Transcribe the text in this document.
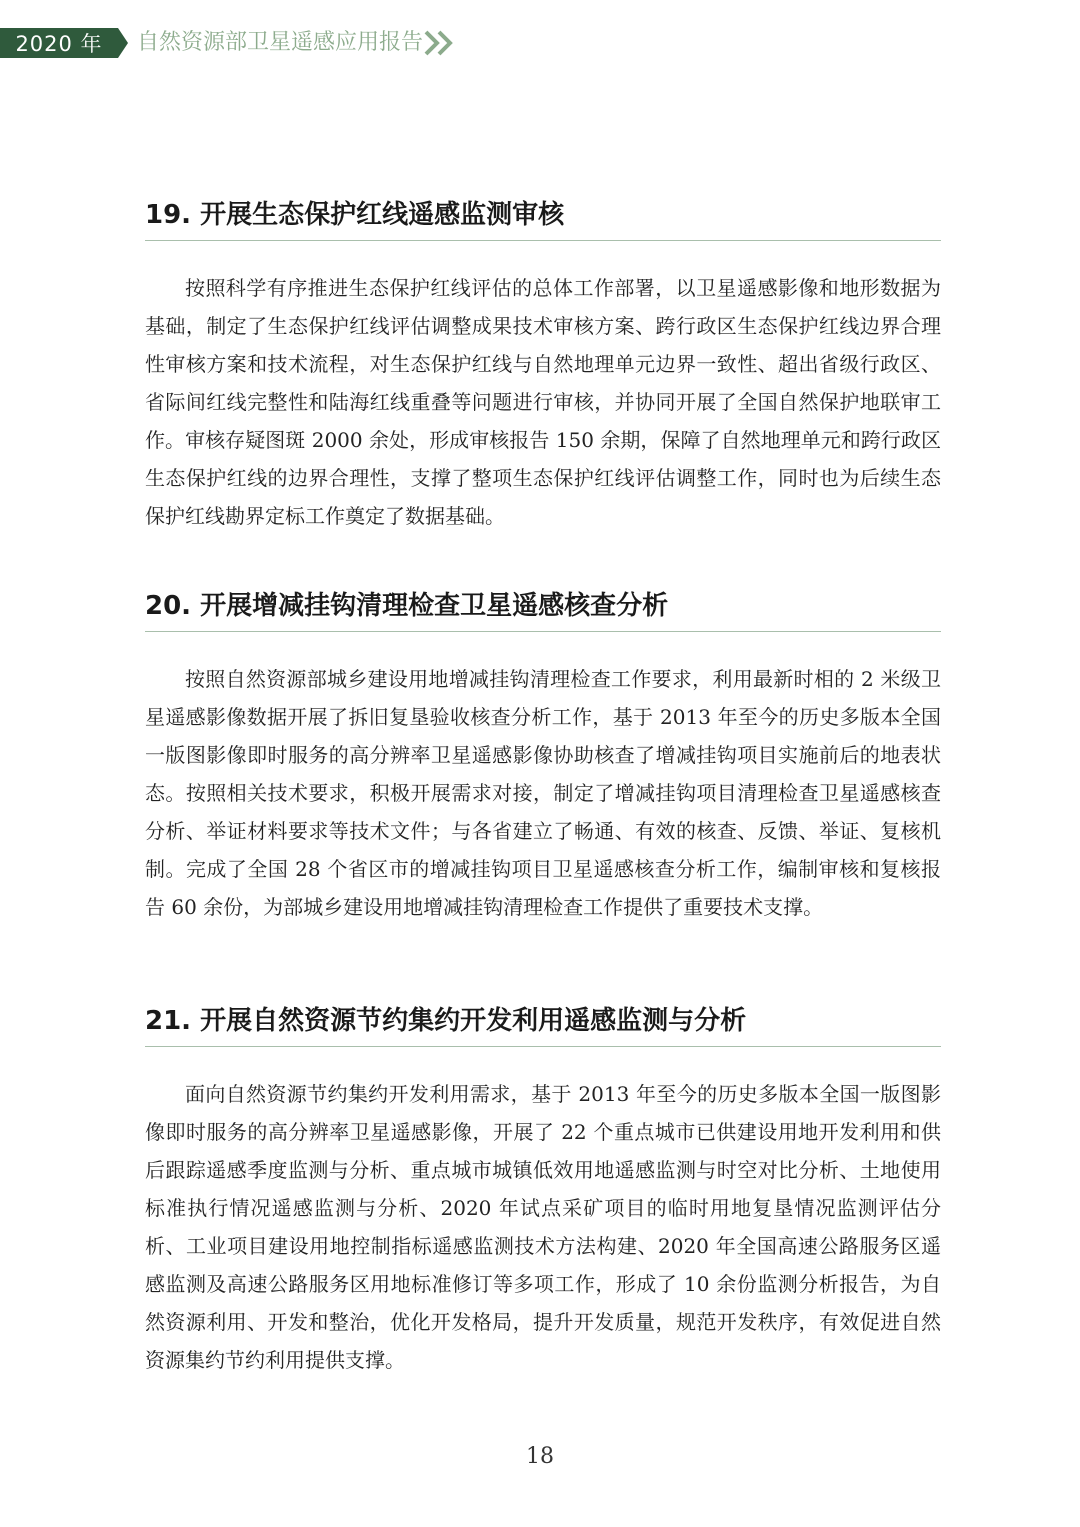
2020 年 自然资源部卫星遥感应用报告
19. 开展生态保护红线遥感监测审核

按照科学有序推进生态保护红线评估的总体工作部署，以卫星遥感影像和地形数据为基础，制定了生态保护红线评估调整成果技术审核方案、跨行政区生态保护红线边界合理性审核方案和技术流程，对生态保护红线与自然地理单元边界一致性、超出省级行政区、省际间红线完整性和陆海红线重叠等问题进行审核，并协同开展了全国自然保护地联审工作。审核存疑图斑 2000 余处，形成审核报告 150 余期，保障了自然地理单元和跨行政区生态保护红线的边界合理性，支撑了整项生态保护红线评估调整工作，同时也为后续生态保护红线勘界定标工作奠定了数据基础。

20. 开展增减挂钩清理检查卫星遥感核查分析

按照自然资源部城乡建设用地增减挂钩清理检查工作要求，利用最新时相的 2 米级卫星遥感影像数据开展了拆旧复垦验收核查分析工作，基于 2013 年至今的历史多版本全国一版图影像即时服务的高分辨率卫星遥感影像协助核查了增减挂钩项目实施前后的地表状态。按照相关技术要求，积极开展需求对接，制定了增减挂钩项目清理检查卫星遥感核查分析、举证材料要求等技术文件；与各省建立了畅通、有效的核查、反馈、举证、复核机制。完成了全国 28 个省区市的增减挂钩项目卫星遥感核查分析工作，编制审核和复核报告 60 余份，为部城乡建设用地增减挂钩清理检查工作提供了重要技术支撑。

21. 开展自然资源节约集约开发利用遥感监测与分析

面向自然资源节约集约开发利用需求，基于 2013 年至今的历史多版本全国一版图影像即时服务的高分辨率卫星遥感影像，开展了 22 个重点城市已供建设用地开发利用和供后跟踪遥感季度监测与分析、重点城市城镇低效用地遥感监测与时空对比分析、土地使用标准执行情况遥感监测与分析、2020 年试点采矿项目的临时用地复垦情况监测评估分析、工业项目建设用地控制指标遥感监测技术方法构建、2020 年全国高速公路服务区遥感监测及高速公路服务区用地标准修订等多项工作，形成了 10 余份监测分析报告，为自然资源利用、开发和整治，优化开发格局，提升开发质量，规范开发秩序，有效促进自然资源集约节约利用提供支撑。

18
